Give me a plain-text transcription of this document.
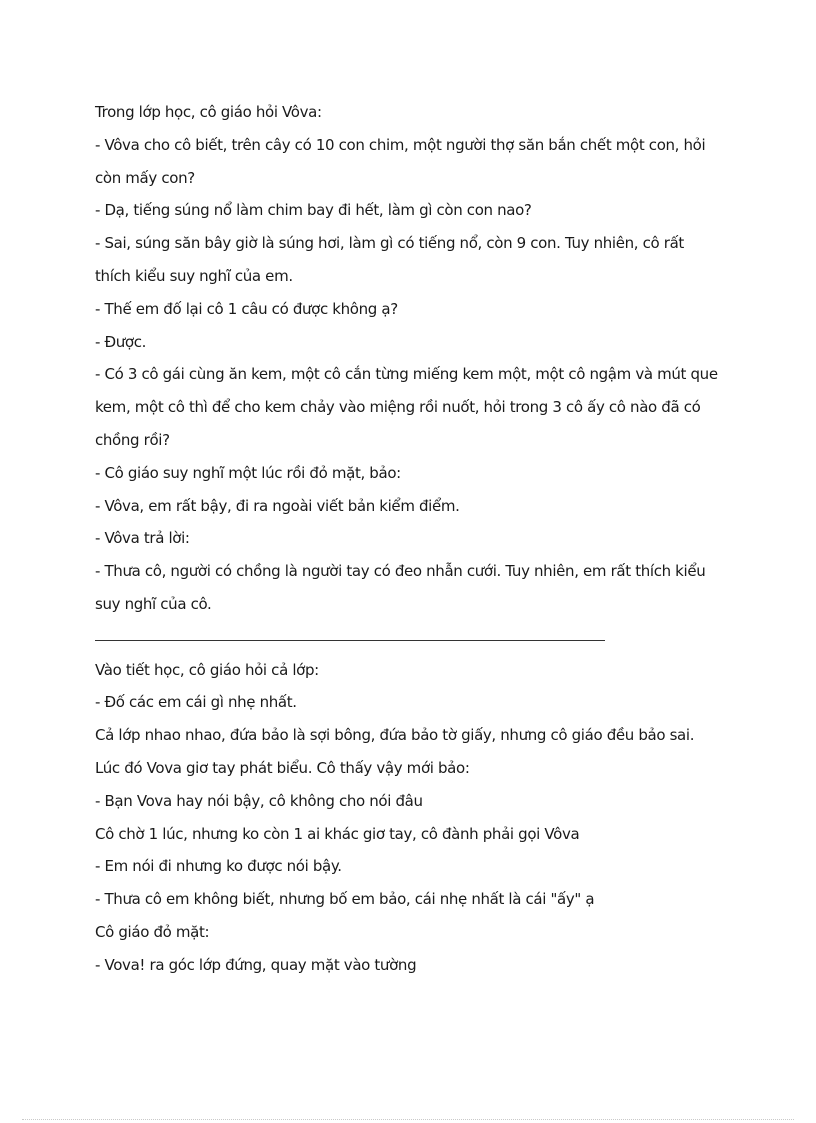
Trong lớp học, cô giáo hỏi Vôva:
- Vôva cho cô biết, trên cây có 10 con chim, một người thợ săn bắn chết một con, hỏi
còn mấy con?
- Dạ, tiếng súng nổ làm chim bay đi hết, làm gì còn con nao?
- Sai, súng săn bây giờ là súng hơi, làm gì có tiếng nổ, còn 9 con. Tuy nhiên, cô rất
thích kiểu suy nghĩ của em.
- Thế em đố lại cô 1 câu có được không ạ?
- Được.
- Có 3 cô gái cùng ăn kem, một cô cắn từng miếng kem một, một cô ngậm và mút que
kem, một cô thì để cho kem chảy vào miệng rồi nuốt, hỏi trong 3 cô ấy cô nào đã có
chồng rồi?
- Cô giáo suy nghĩ một lúc rồi đỏ mặt, bảo:
- Vôva, em rất bậy, đi ra ngoài viết bản kiểm điểm.
- Vôva trả lời:
- Thưa cô, người có chồng là người tay có đeo nhẫn cưới. Tuy nhiên, em rất thích kiểu
suy nghĩ của cô.
Vào tiết học, cô giáo hỏi cả lớp:
- Đố các em cái gì nhẹ nhất.
Cả lớp nhao nhao, đứa bảo là sợi bông, đứa bảo tờ giấy, nhưng cô giáo đều bảo sai.
Lúc đó Vova giơ tay phát biểu. Cô thấy vậy mới bảo:
- Bạn Vova hay nói bậy, cô không cho nói đâu
Cô chờ 1 lúc, nhưng ko còn 1 ai khác giơ tay, cô đành phải gọi Vôva
- Em nói đi nhưng ko được nói bậy.
- Thưa cô em không biết, nhưng bố em bảo, cái nhẹ nhất là cái "ấy" ạ
Cô giáo đỏ mặt:
- Vova! ra góc lớp đứng, quay mặt vào tường
